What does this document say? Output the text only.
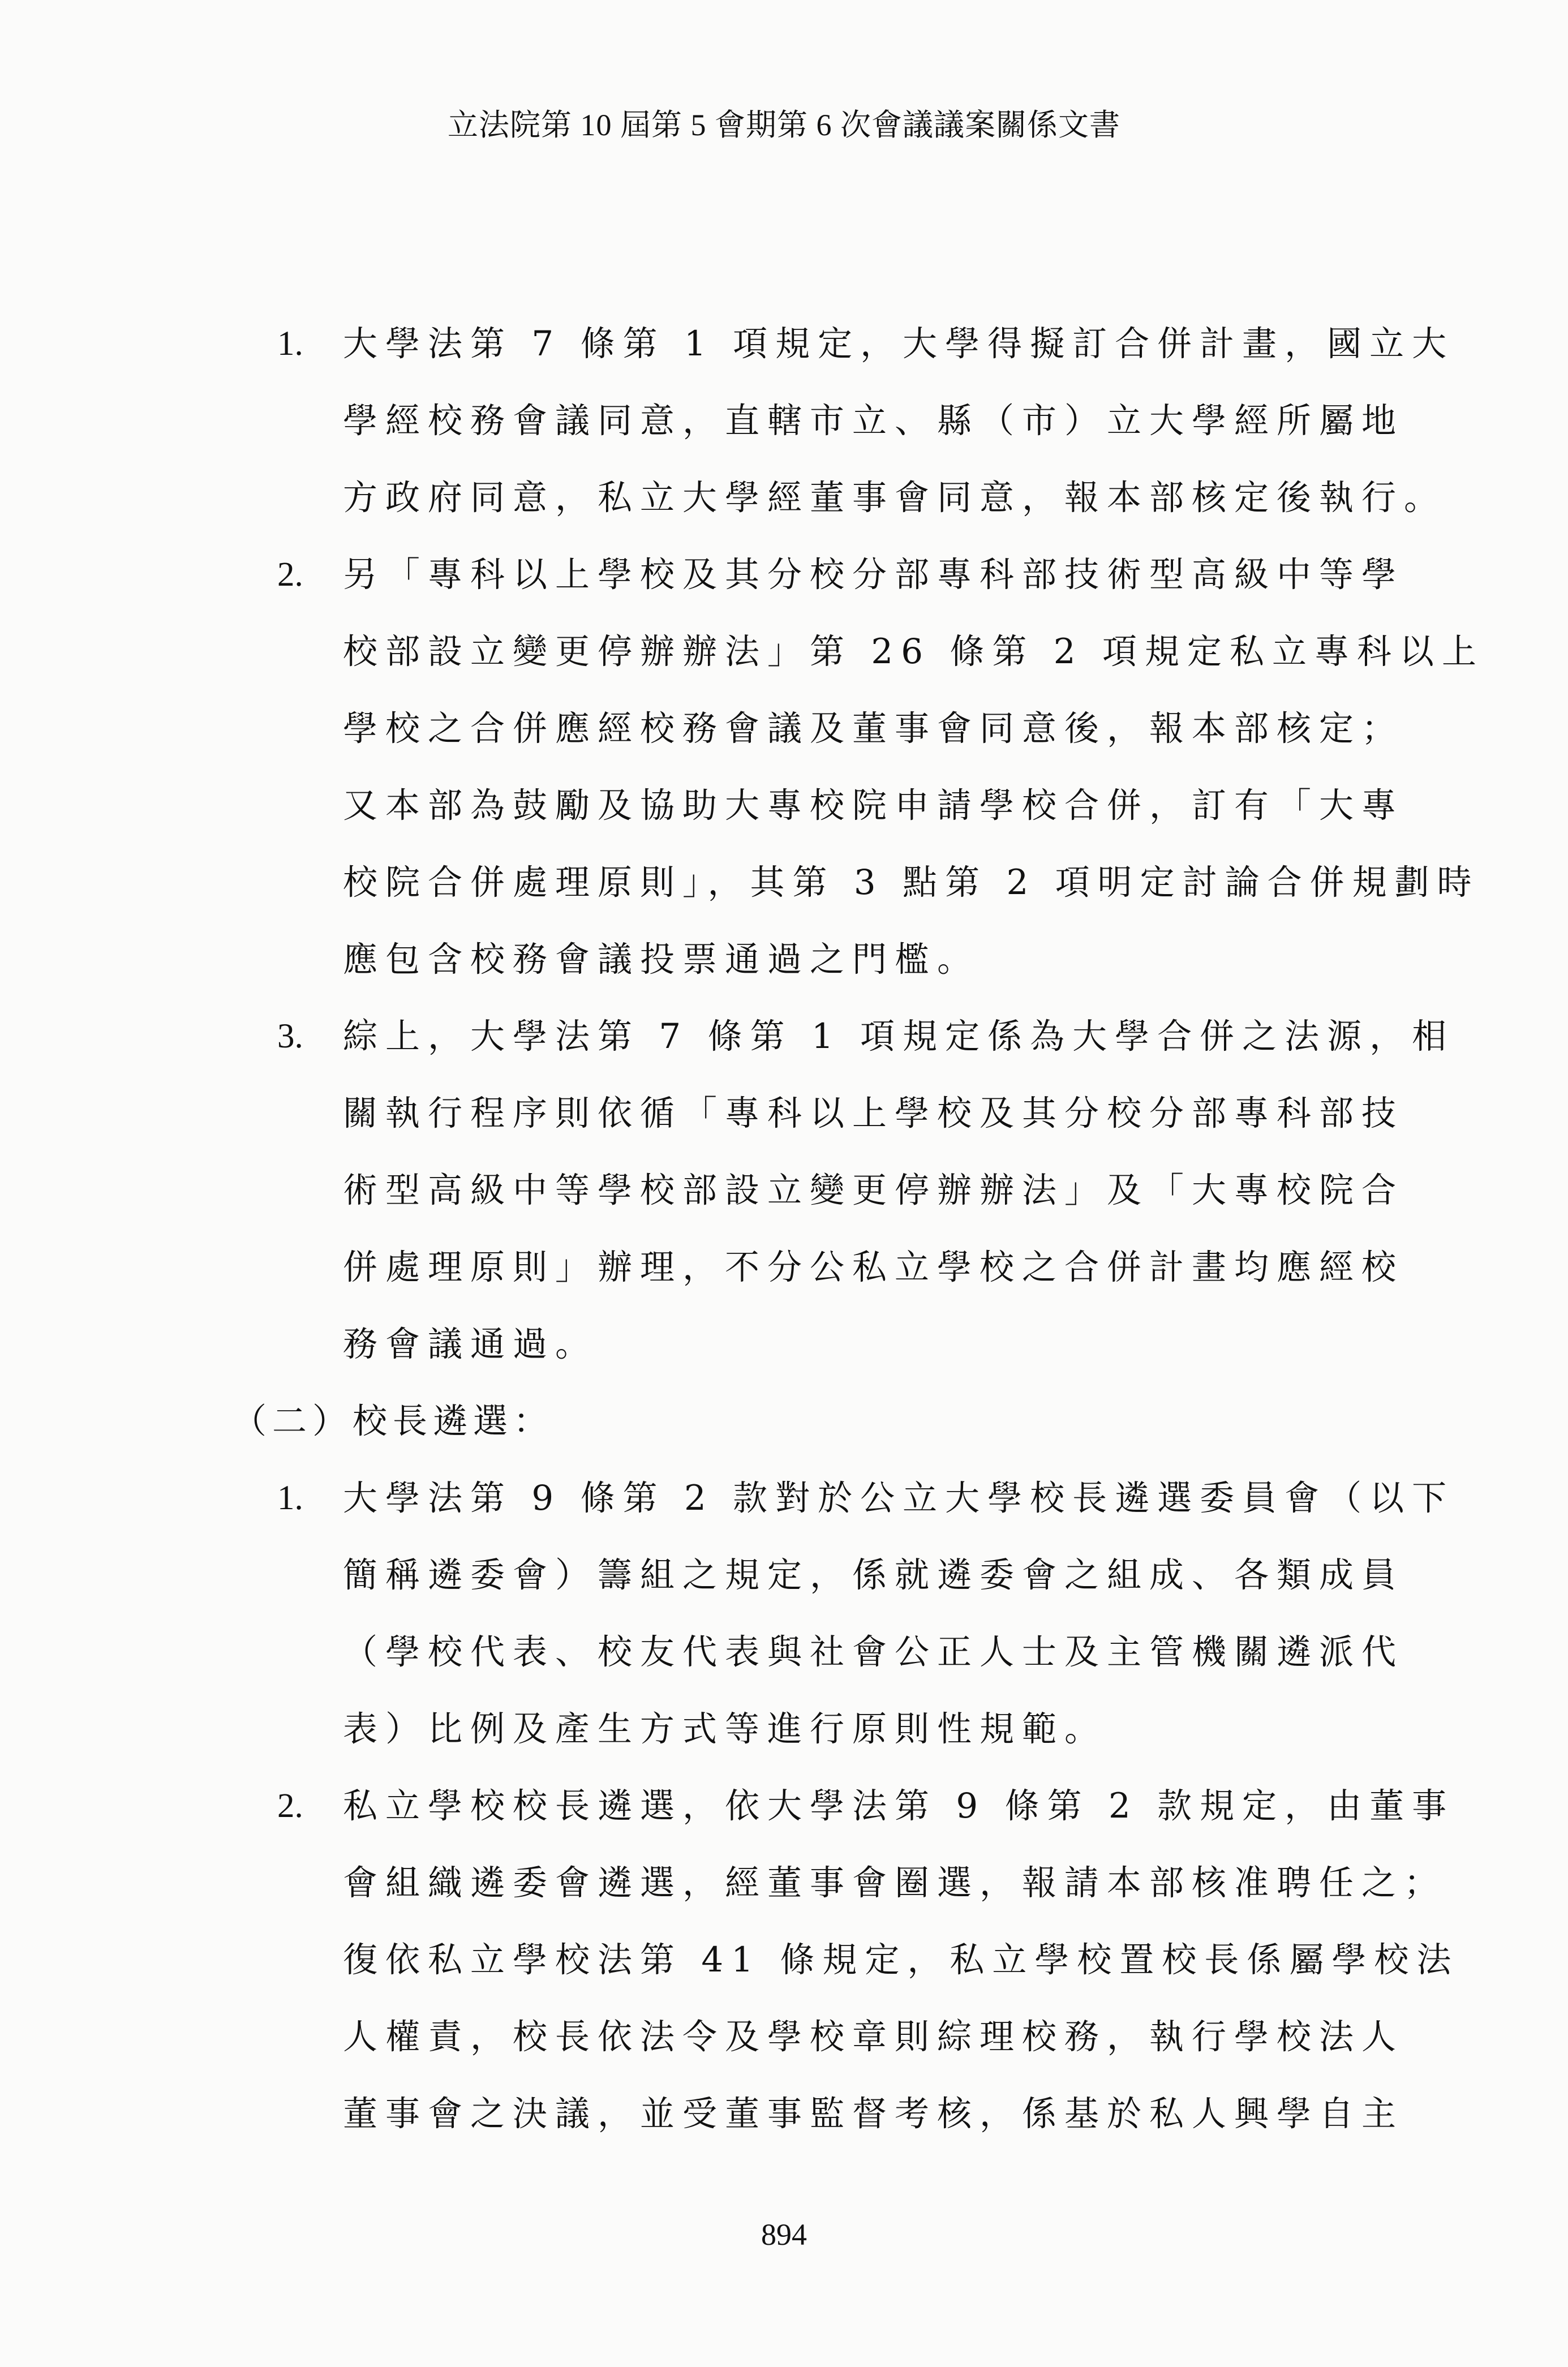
立法院第 10 屆第 5 會期第 6 次會議議案關係文書
1. 大學法第 7 條第 1 項規定，大學得擬訂合併計畫，國立大
學經校務會議同意，直轄市立、縣（市）立大學經所屬地
方政府同意，私立大學經董事會同意，報本部核定後執行。
2. 另「專科以上學校及其分校分部專科部技術型高級中等學
校部設立變更停辦辦法」第 26 條第 2 項規定私立專科以上
學校之合併應經校務會議及董事會同意後，報本部核定；
又本部為鼓勵及協助大專校院申請學校合併，訂有「大專
校院合併處理原則」，其第 3 點第 2 項明定討論合併規劃時
應包含校務會議投票通過之門檻。
3. 綜上，大學法第 7 條第 1 項規定係為大學合併之法源，相
關執行程序則依循「專科以上學校及其分校分部專科部技
術型高級中等學校部設立變更停辦辦法」及「大專校院合
併處理原則」辦理，不分公私立學校之合併計畫均應經校
務會議通過。
（二）校長遴選：
1. 大學法第 9 條第 2 款對於公立大學校長遴選委員會（以下
簡稱遴委會）籌組之規定，係就遴委會之組成、各類成員
（學校代表、校友代表與社會公正人士及主管機關遴派代
表）比例及產生方式等進行原則性規範。
2. 私立學校校長遴選，依大學法第 9 條第 2 款規定，由董事
會組織遴委會遴選，經董事會圈選，報請本部核准聘任之；
復依私立學校法第 41 條規定，私立學校置校長係屬學校法
人權責，校長依法令及學校章則綜理校務，執行學校法人
董事會之決議，並受董事監督考核，係基於私人興學自主
894
